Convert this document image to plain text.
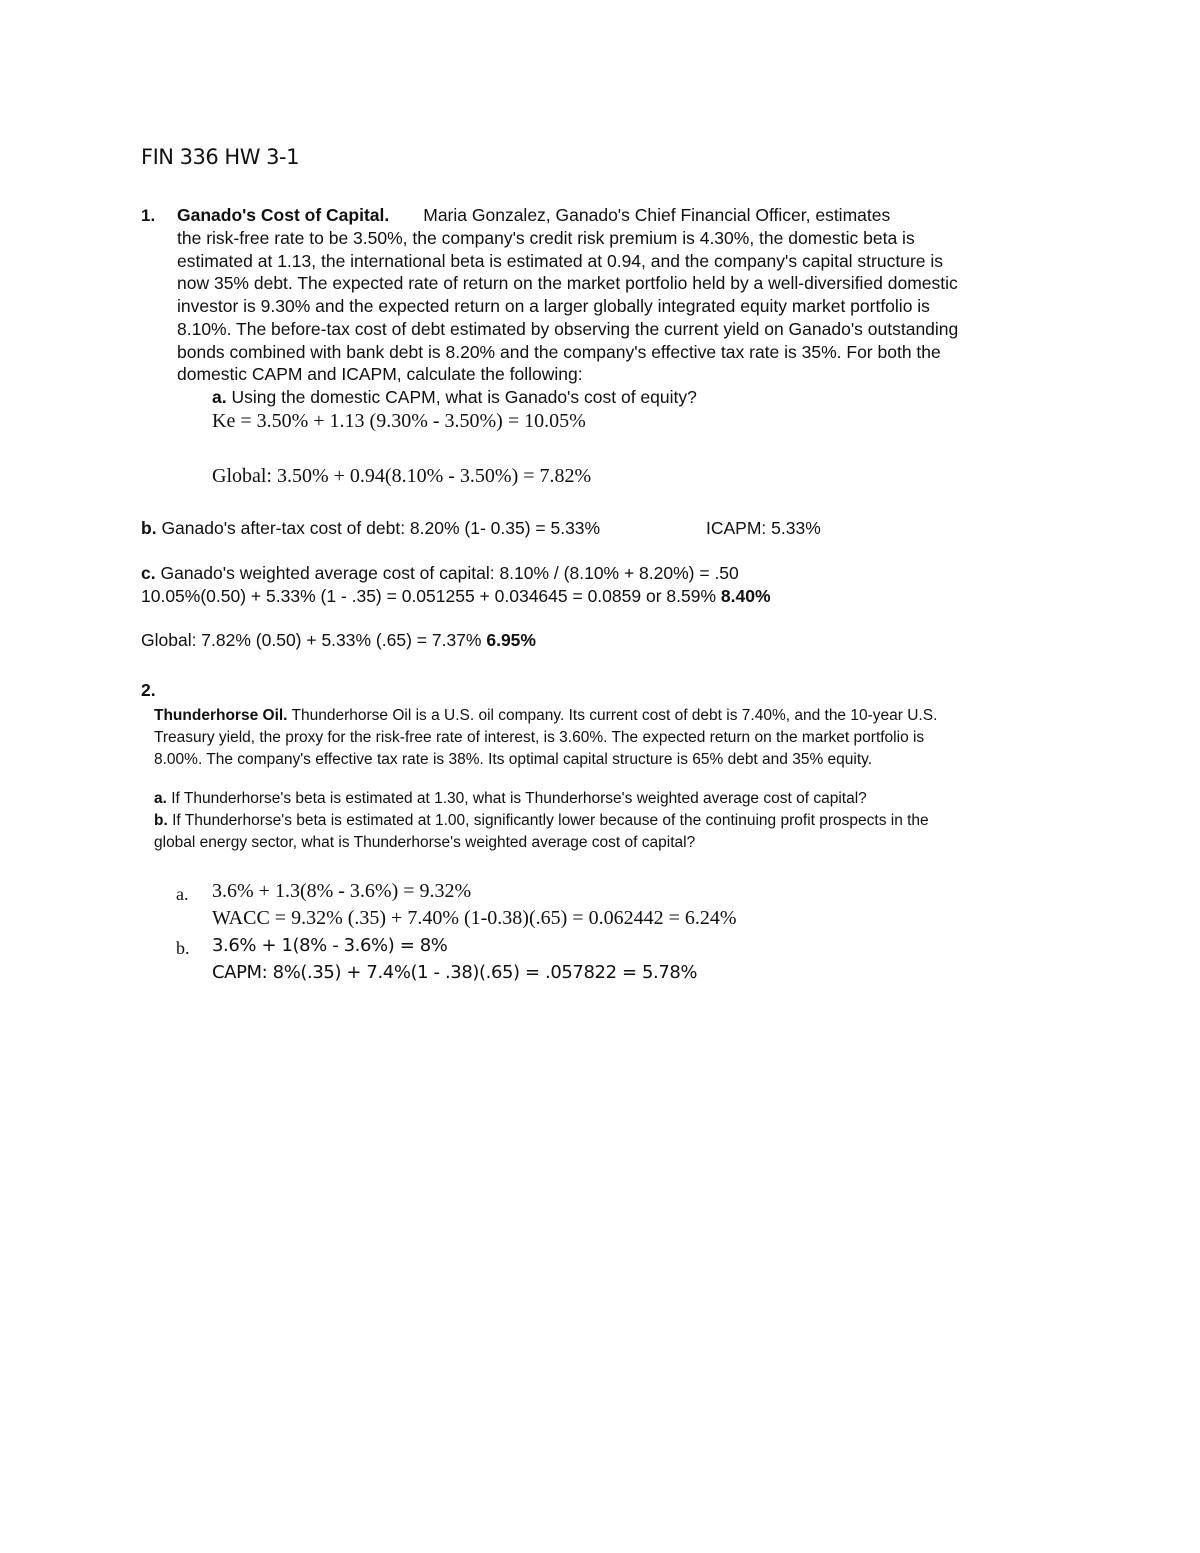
FIN 336 HW 3-1
1. Ganado's Cost of Capital. Maria Gonzalez, Ganado's Chief Financial Officer, estimates
the risk-free rate to be 3.50%, the company's credit risk premium is 4.30%, the domestic beta is
estimated at 1.13, the international beta is estimated at 0.94, and the company's capital structure is
now 35% debt. The expected rate of return on the market portfolio held by a well-diversified domestic
investor is 9.30% and the expected return on a larger globally integrated equity market portfolio is
8.10%. The before-tax cost of debt estimated by observing the current yield on Ganado's outstanding
bonds combined with bank debt is 8.20% and the company's effective tax rate is 35%. For both the
domestic CAPM and ICAPM, calculate the following:
a. Using the domestic CAPM, what is Ganado's cost of equity?
Ke = 3.50% + 1.13 (9.30% - 3.50%) = 10.05%
Global: 3.50% + 0.94(8.10% - 3.50%) = 7.82%
b. Ganado's after-tax cost of debt: 8.20% (1- 0.35) = 5.33%	ICAPM: 5.33%
c. Ganado's weighted average cost of capital: 8.10% / (8.10% + 8.20%) = .50
10.05%(0.50) + 5.33% (1 - .35) = 0.051255 + 0.034645 = 0.0859 or 8.59% 8.40%
Global: 7.82% (0.50) + 5.33% (.65) = 7.37% 6.95%
2.
Thunderhorse Oil. Thunderhorse Oil is a U.S. oil company. Its current cost of debt is 7.40%, and the 10-year U.S.
Treasury yield, the proxy for the risk-free rate of interest, is 3.60%. The expected return on the market portfolio is
8.00%. The company's effective tax rate is 38%. Its optimal capital structure is 65% debt and 35% equity.
a. If Thunderhorse's beta is estimated at 1.30, what is Thunderhorse's weighted average cost of capital?
b. If Thunderhorse's beta is estimated at 1.00, significantly lower because of the continuing profit prospects in the
global energy sector, what is Thunderhorse's weighted average cost of capital?
a. 3.6% + 1.3(8% - 3.6%) = 9.32%
WACC = 9.32% (.35) + 7.40% (1-0.38)(.65) = 0.062442 = 6.24%
b. 3.6% + 1(8% - 3.6%) = 8%
CAPM: 8%(.35) + 7.4%(1 - .38)(.65) = .057822 = 5.78%
